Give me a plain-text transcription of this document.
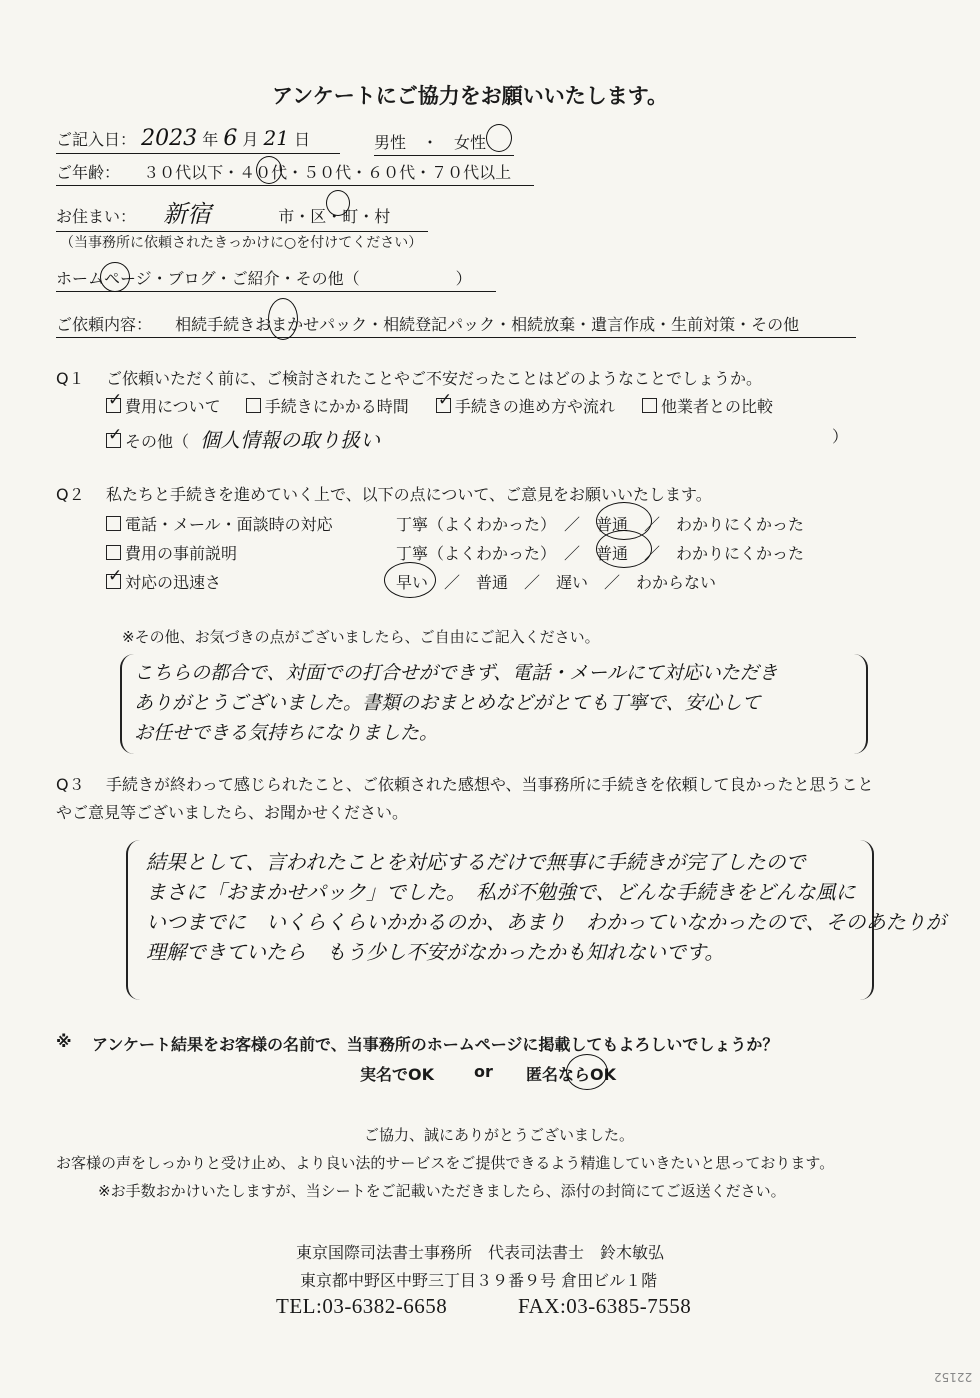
アンケートにご協力をお願いいたします。
ご記入日： 2023 年 6 月 21 日	男性　・　女性
ご年齢： ３０代以下・４０代・５０代・６０代・７０代以上
お住まい： 新宿	市・区・町・村
（当事務所に依頼されたきっかけに○を付けてください）
ホームページ・ブログ・ご紹介・その他（　　　　　　）
ご依頼内容： 相続手続きおまかせパック・相続登記パック・相続放棄・遺言作成・生前対策・その他
Q１ ご依頼いただく前に、ご検討されたことやご不安だったことはどのようなことでしょうか。
✓費用について	手続きにかかる時間 ✓	手続きの進め方や流れ	他業者との比較
✓その他（ 個人情報の取り扱い	）
Q２ 私たちと手続きを進めていく上で、以下の点について、ご意見をお願いいたします。
電話・メール・面談時の対応	丁寧（よくわかった）　／　普通　／　わかりにくかった
費用の事前説明	丁寧（よくわかった）　／　普通　／　わかりにくかった
✓対応の迅速さ	早い　／　普通　／　遅い　／　わからない
※その他、お気づきの点がございましたら、ご自由にご記入ください。
こちらの都合で、対面での打合せができず、電話・メールにて対応いただき
ありがとうございました。書類のおまとめなどがとても丁寧で、安心して
お任せできる気持ちになりました。
Q３ 手続きが終わって感じられたこと、ご依頼された感想や、当事務所に手続きを依頼して良かったと思うこと
やご意見等ございましたら、お聞かせください。
結果として、言われたことを対応するだけで無事に手続きが完了したので
まさに「おまかせパック」でした。　私が不勉強で、どんな手続きをどんな風に
いつまでに　いくらくらいかかるのか、あまり　わかっていなかったので、そのあたりが
理解できていたら　もう少し不安がなかったかも知れないです。
※ アンケート結果をお客様の名前で、当事務所のホームページに掲載してもよろしいでしょうか？
実名でOK or 匿名ならOK
ご協力、誠にありがとうございました。
お客様の声をしっかりと受け止め、より良い法的サービスをご提供できるよう精進していきたいと思っております。
※お手数おかけいたしますが、当シートをご記載いただきましたら、添付の封筒にてご返送ください。
東京国際司法書士事務所　代表司法書士　鈴木敏弘
東京都中野区中野三丁目３９番９号 倉田ビル１階
TEL:03-6382-6658	FAX:03-6385-7558
22152
